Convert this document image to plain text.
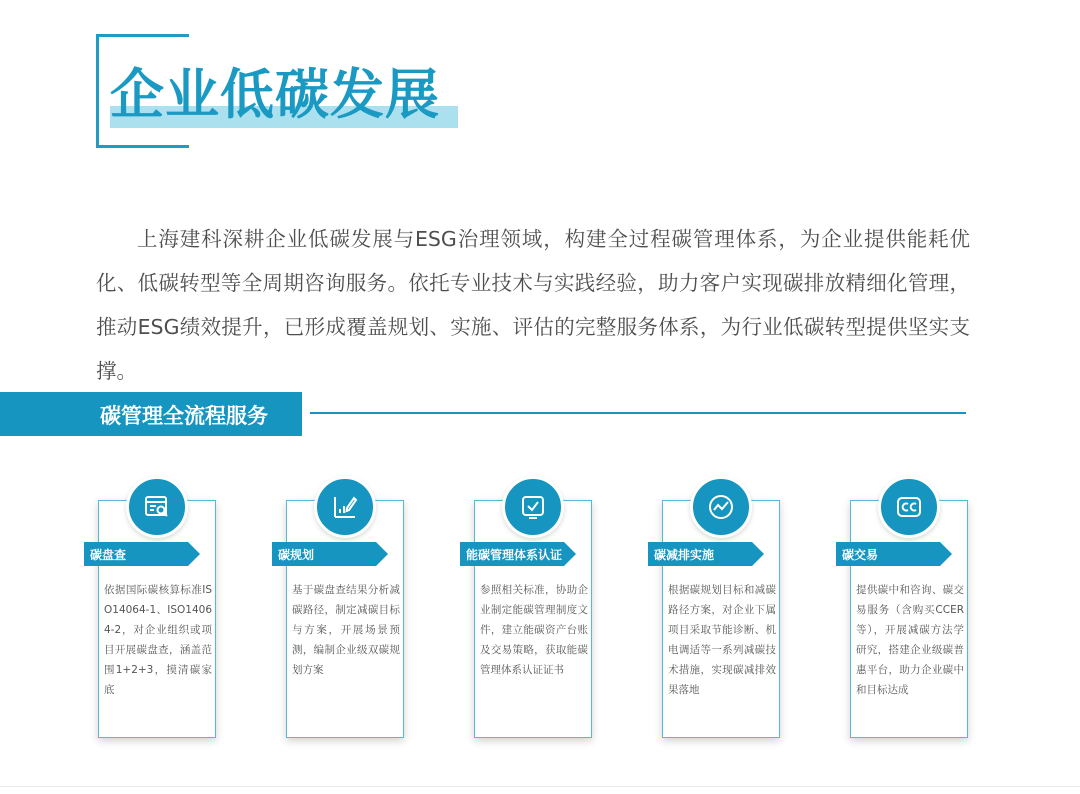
企业低碳发展

上海建科深耕企业低碳发展与ESG治理领域，构建全过程碳管理体系，为企业提供能耗优化、低碳转型等全周期咨询服务。依托专业技术与实践经验，助力客户实现碳排放精细化管理，推动ESG绩效提升，已形成覆盖规划、实施、评估的完整服务体系，为行业低碳转型提供坚实支撑。

碳管理全流程服务
碳盘查
依据国际碳核算标准ISO14064-1、ISO14064-2，对企业组织或项目开展碳盘查，涵盖范围1+2+3，摸清碳家底
碳规划
基于碳盘查结果分析减碳路径，制定减碳目标与方案，开展场景预测，编制企业级双碳规划方案
能碳管理体系认证
参照相关标准，协助企业制定能碳管理制度文件，建立能碳资产台账及交易策略，获取能碳管理体系认证证书
碳减排实施
根据碳规划目标和减碳路径方案，对企业下属项目采取节能诊断、机电调适等一系列减碳技术措施，实现碳减排效果落地
碳交易
提供碳中和咨询、碳交易服务（含购买CCER等），开展减碳方法学研究，搭建企业级碳普惠平台，助力企业碳中和目标达成
